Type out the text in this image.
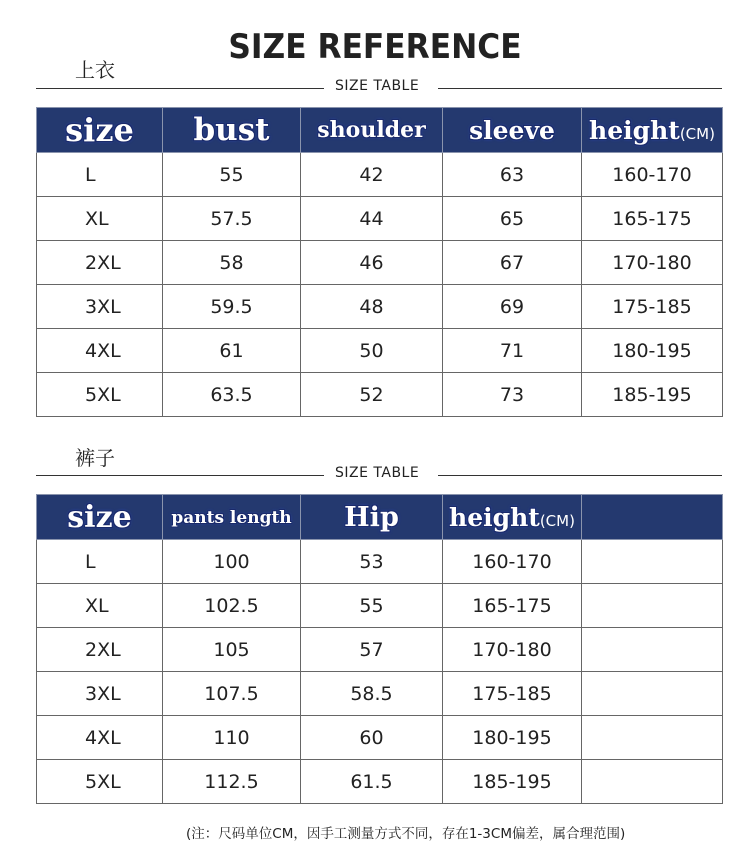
SIZE REFERENCE
上衣
SIZE TABLE
size	bust	shoulder	sleeve	height(CM)
L	55	42	63	160-170
XL	57.5	44	65	165-175
2XL	58	46	67	170-180
3XL	59.5	48	69	175-185
4XL	61	50	71	180-195
5XL	63.5	52	73	185-195
裤子
SIZE TABLE
size	pants length	Hip	height(CM)	
L	100	53	160-170	
XL	102.5	55	165-175	
2XL	105	57	170-180	
3XL	107.5	58.5	175-185	
4XL	110	60	180-195	
5XL	112.5	61.5	185-195	
(注：尺码单位CM，因手工测量方式不同，存在1-3CM偏差，属合理范围)
